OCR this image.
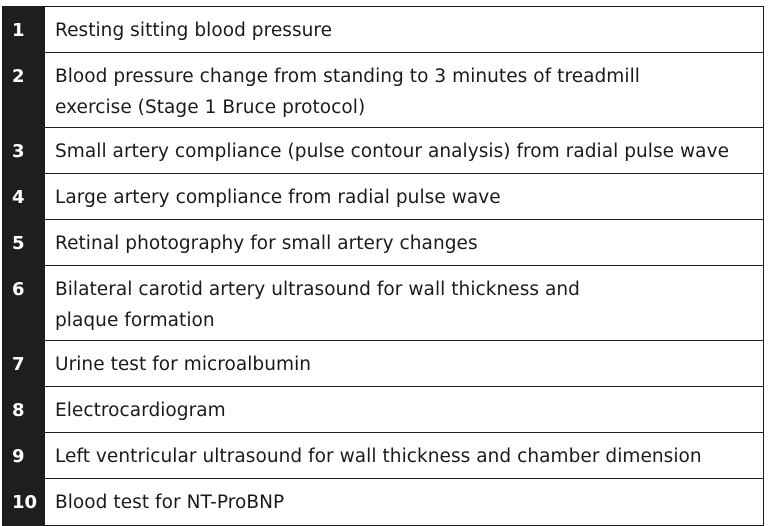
1	Resting sitting blood pressure
2	Blood pressure change from standing to 3 minutes of treadmill
exercise (Stage 1 Bruce protocol)
3	Small artery compliance (pulse contour analysis) from radial pulse wave
4	Large artery compliance from radial pulse wave
5	Retinal photography for small artery changes
6	Bilateral carotid artery ultrasound for wall thickness and
plaque formation
7	Urine test for microalbumin
8	Electrocardiogram
9	Left ventricular ultrasound for wall thickness and chamber dimension
10 Blood test for NT-ProBNP
